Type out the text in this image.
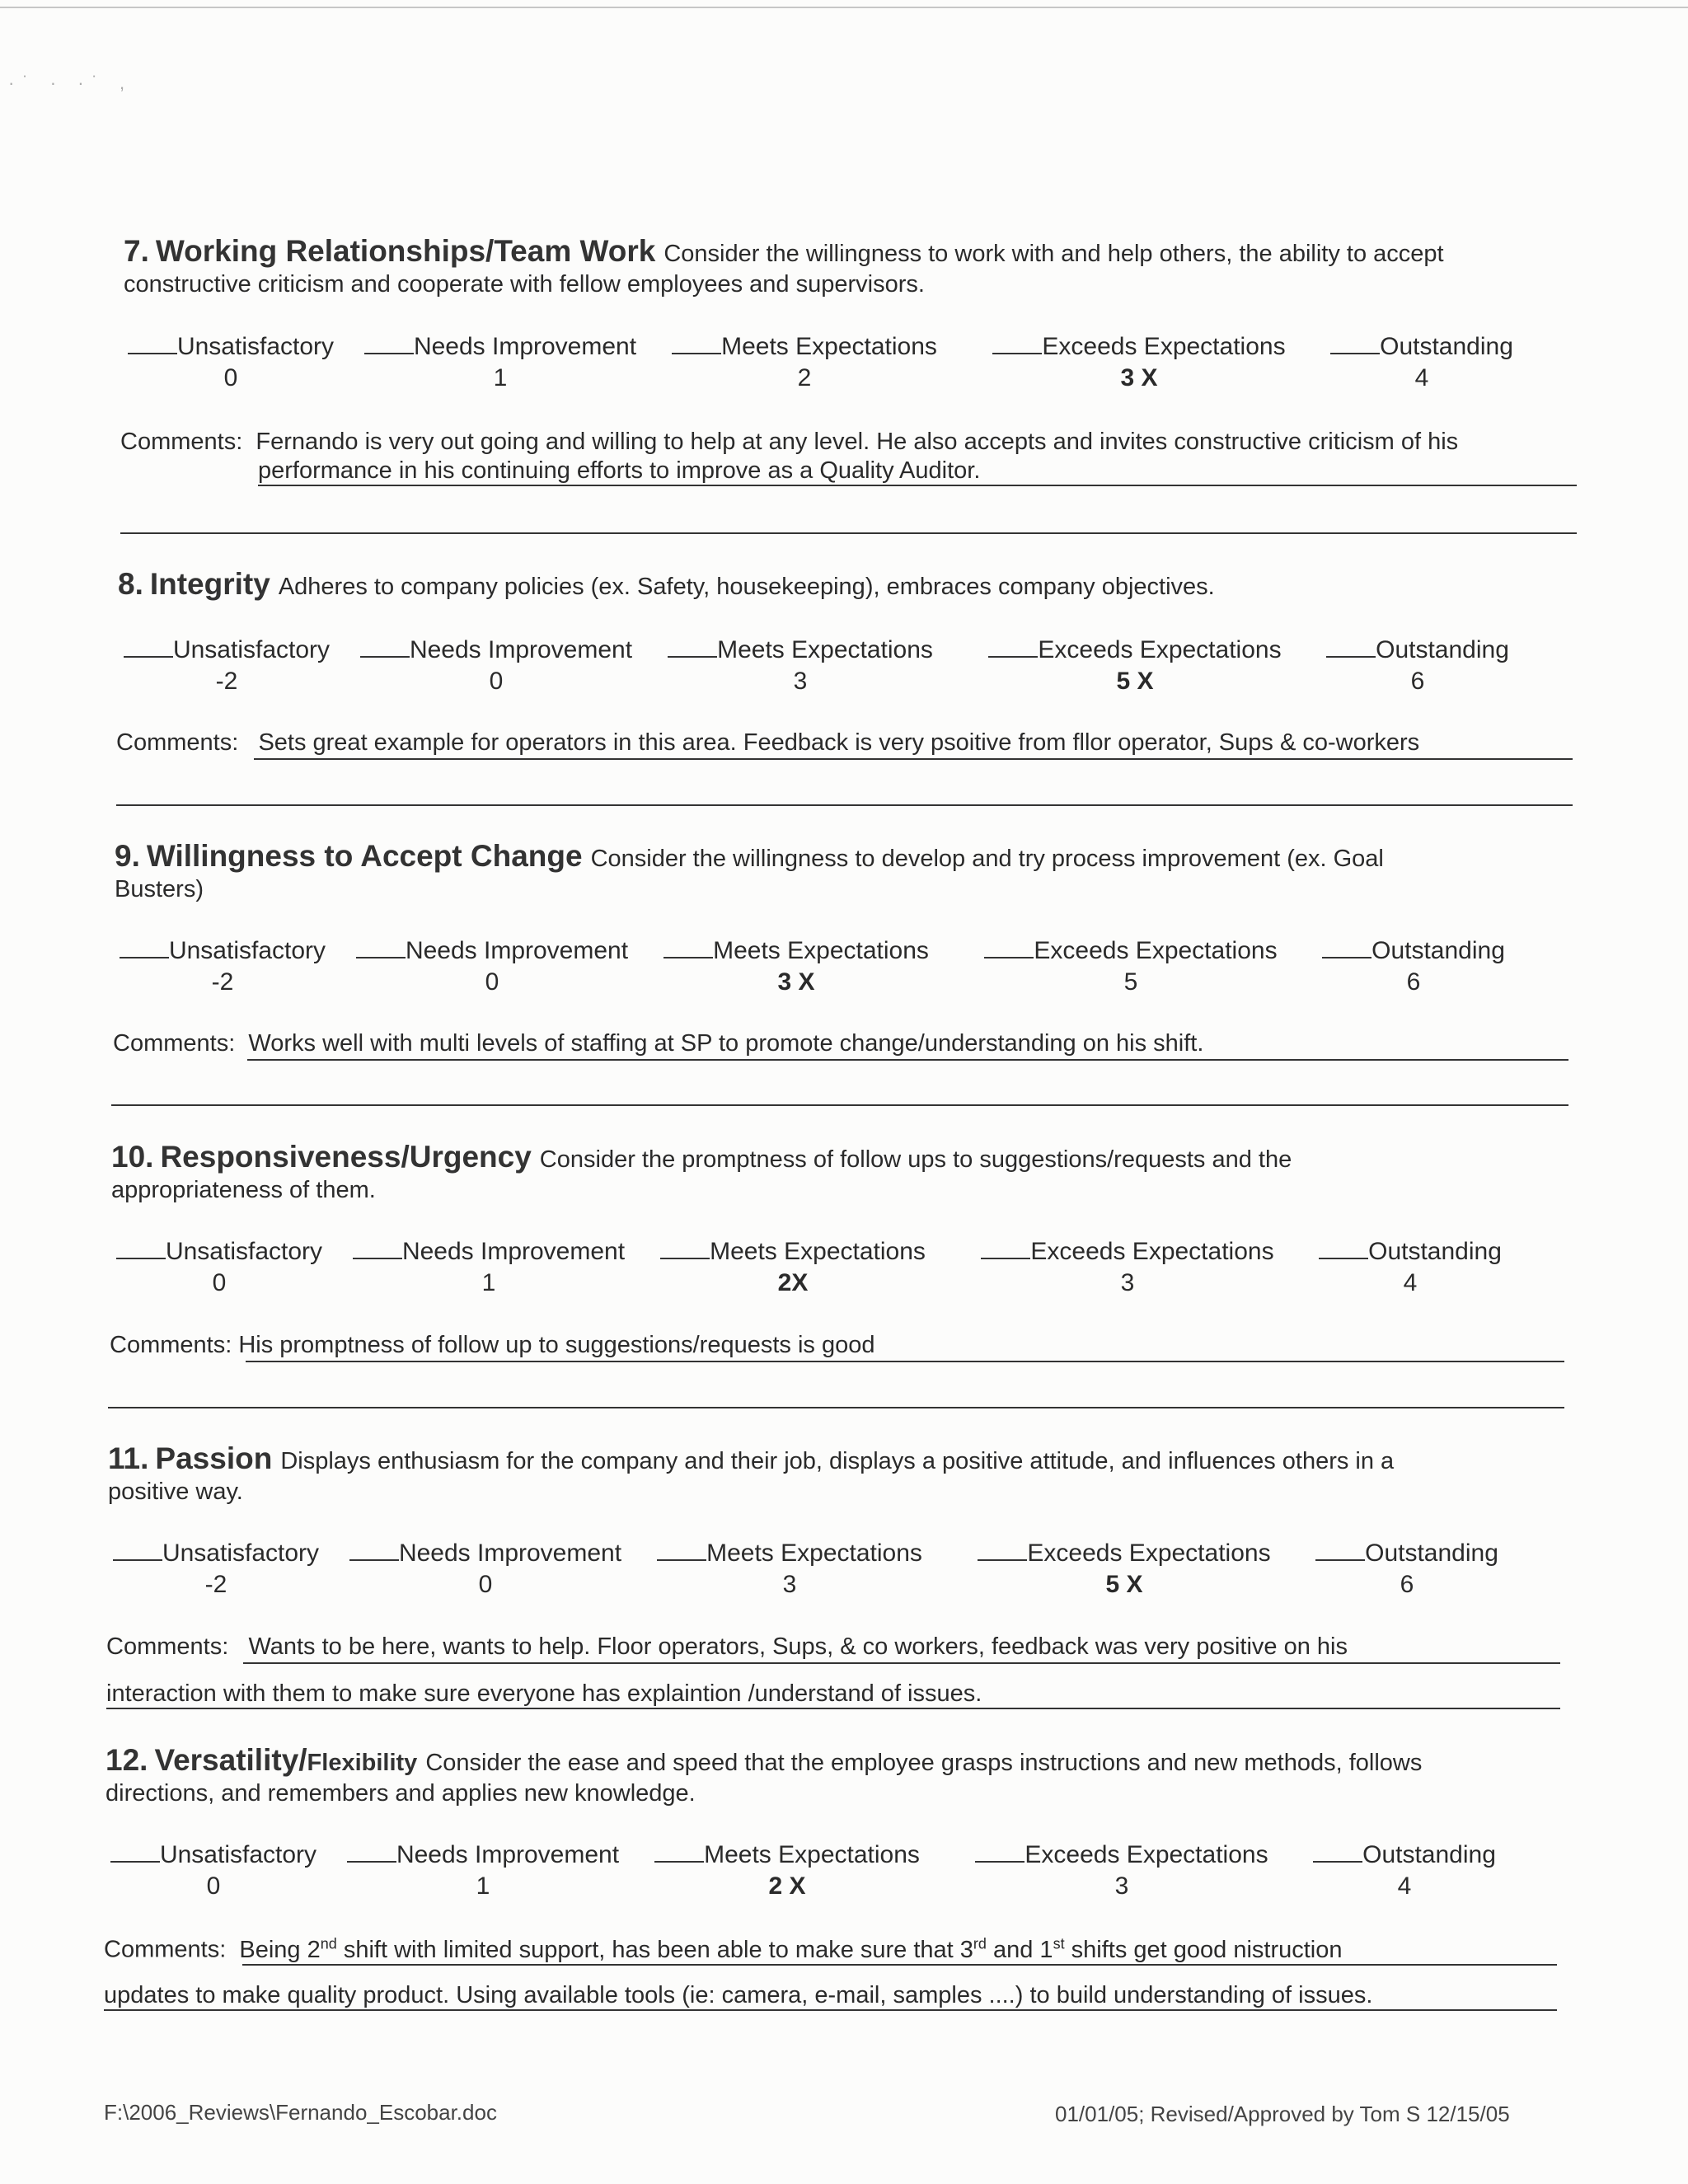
·˙ · ·˙ ,
7. Working Relationships/Team Work Consider the willingness to work with and help others, the ability to accept
constructive criticism and cooperate with fellow employees and supervisors.
Unsatisfactory
0
Needs Improvement
1
Meets Expectations
2
Exceeds Expectations
3 X
Outstanding
4
Comments: Fernando is very out going and willing to help at any level. He also accepts and invites constructive criticism of his
performance in his continuing efforts to improve as a Quality Auditor.
8. Integrity Adheres to company policies (ex. Safety, housekeeping), embraces company objectives.
Unsatisfactory
-2
Needs Improvement
0
Meets Expectations
3
Exceeds Expectations
5 X
Outstanding
6
Comments: Sets great example for operators in this area. Feedback is very psoitive from fllor operator, Sups & co-workers
9. Willingness to Accept Change Consider the willingness to develop and try process improvement (ex. Goal
Busters)
Unsatisfactory
-2
Needs Improvement
0
Meets Expectations
3 X
Exceeds Expectations
5
Outstanding
6
Comments: Works well with multi levels of staffing at SP to promote change/understanding on his shift.
10. Responsiveness/Urgency Consider the promptness of follow ups to suggestions/requests and the
appropriateness of them.
Unsatisfactory
0
Needs Improvement
1
Meets Expectations
2X
Exceeds Expectations
3
Outstanding
4
Comments: His promptness of follow up to suggestions/requests is good
11. Passion Displays enthusiasm for the company and their job, displays a positive attitude, and influences others in a
positive way.
Unsatisfactory
-2
Needs Improvement
0
Meets Expectations
3
Exceeds Expectations
5 X
Outstanding
6
Comments: Wants to be here, wants to help. Floor operators, Sups, & co workers, feedback was very positive on his
interaction with them to make sure everyone has explaintion /understand of issues.
12. Versatility/Flexibility Consider the ease and speed that the employee grasps instructions and new methods, follows
directions, and remembers and applies new knowledge.
Unsatisfactory
0
Needs Improvement
1
Meets Expectations
2 X
Exceeds Expectations
3
Outstanding
4
Comments: Being 2nd shift with limited support, has been able to make sure that 3rd and 1st shifts get good nistruction
updates to make quality product. Using available tools (ie: camera, e-mail, samples ....) to build understanding of issues.
F:\2006_Reviews\Fernando_Escobar.doc	01/01/05; Revised/Approved by Tom S 12/15/05
